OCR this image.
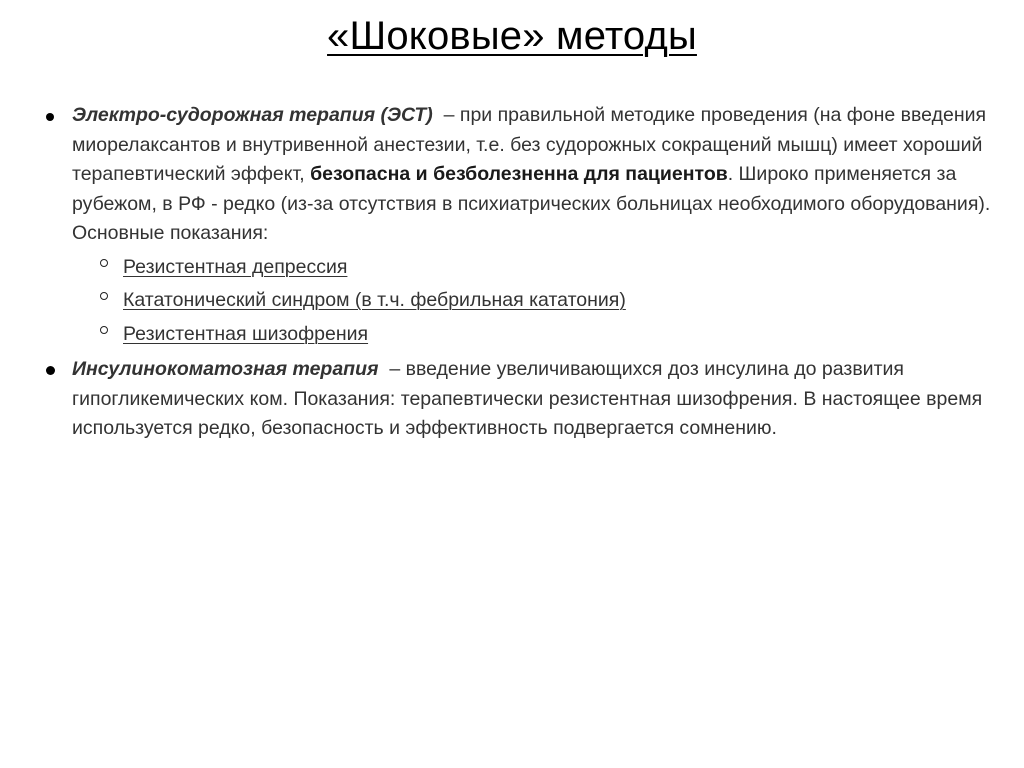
«Шоковые» методы

Электро-судорожная терапия (ЭСТ)  – при правильной методике проведения (на фоне введения миорелаксантов и внутривенной анестезии, т.е. без судорожных сокращений мышц) имеет хороший терапевтический эффект, безопасна и безболезненна для пациентов. Широко применяется за рубежом, в РФ - редко (из-за отсутствия в психиатрических больницах необходимого оборудования). Основные показания:

Резистентная депрессия
Кататонический синдром (в т.ч. фебрильная кататония)
Резистентная шизофрения

Инсулинокоматозная терапия  – введение увеличивающихся доз инсулина до развития гипогликемических ком. Показания: терапевтически резистентная шизофрения. В настоящее время используется редко, безопасность и эффективность подвергается сомнению.
